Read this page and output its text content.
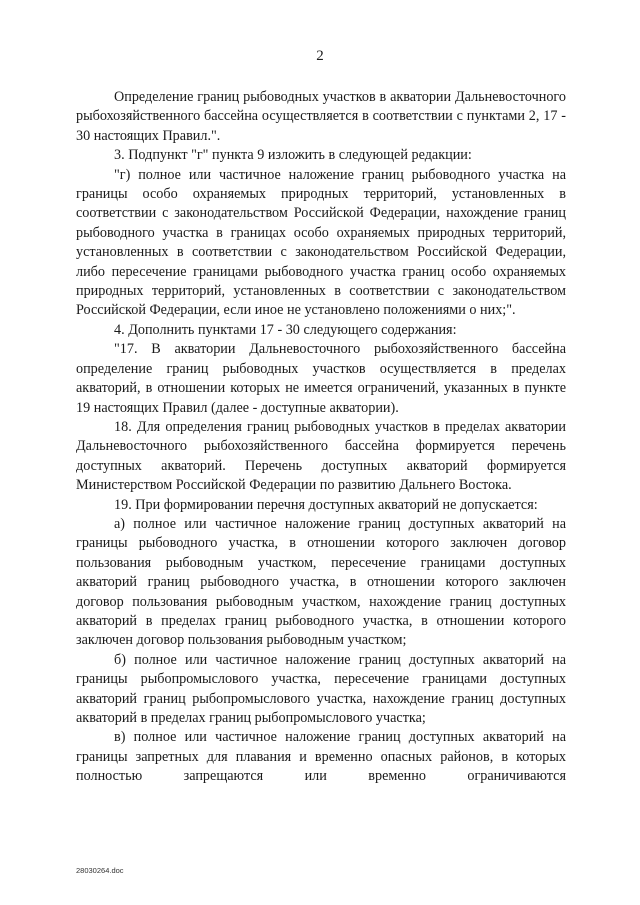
2

Определение границ рыбоводных участков в акватории Дальневосточного рыбохозяйственного бассейна осуществляется в соответствии с пунктами 2, 17 - 30 настоящих Правил.".

3. Подпункт "г" пункта 9 изложить в следующей редакции:

"г) полное или частичное наложение границ рыбоводного участка на границы особо охраняемых природных территорий, установленных в соответствии с законодательством Российской Федерации, нахождение границ рыбоводного участка в границах особо охраняемых природных территорий, установленных в соответствии с законодательством Российской Федерации, либо пересечение границами рыбоводного участка границ особо охраняемых природных территорий, установленных в соответствии с законодательством Российской Федерации, если иное не установлено положениями о них;".

4. Дополнить пунктами 17 - 30 следующего содержания:

"17. В акватории Дальневосточного рыбохозяйственного бассейна определение границ рыбоводных участков осуществляется в пределах акваторий, в отношении которых не имеется ограничений, указанных в пункте 19 настоящих Правил (далее - доступные акватории).

18. Для определения границ рыбоводных участков в пределах акватории Дальневосточного рыбохозяйственного бассейна формируется перечень доступных акваторий. Перечень доступных акваторий формируется Министерством Российской Федерации по развитию Дальнего Востока.

19. При формировании перечня доступных акваторий не допускается:

а) полное или частичное наложение границ доступных акваторий на границы рыбоводного участка, в отношении которого заключен договор пользования рыбоводным участком, пересечение границами доступных акваторий границ рыбоводного участка, в отношении которого заключен договор пользования рыбоводным участком, нахождение границ доступных акваторий в пределах границ рыбоводного участка, в отношении которого заключен договор пользования рыбоводным участком;

б) полное или частичное наложение границ доступных акваторий на границы рыбопромыслового участка, пересечение границами доступных акваторий границ рыбопромыслового участка, нахождение границ доступных акваторий в пределах границ рыбопромыслового участка;

в) полное или частичное наложение границ доступных акваторий на границы запретных для плавания и временно опасных районов, в которых полностью запрещаются или временно ограничиваются

28030264.doc
